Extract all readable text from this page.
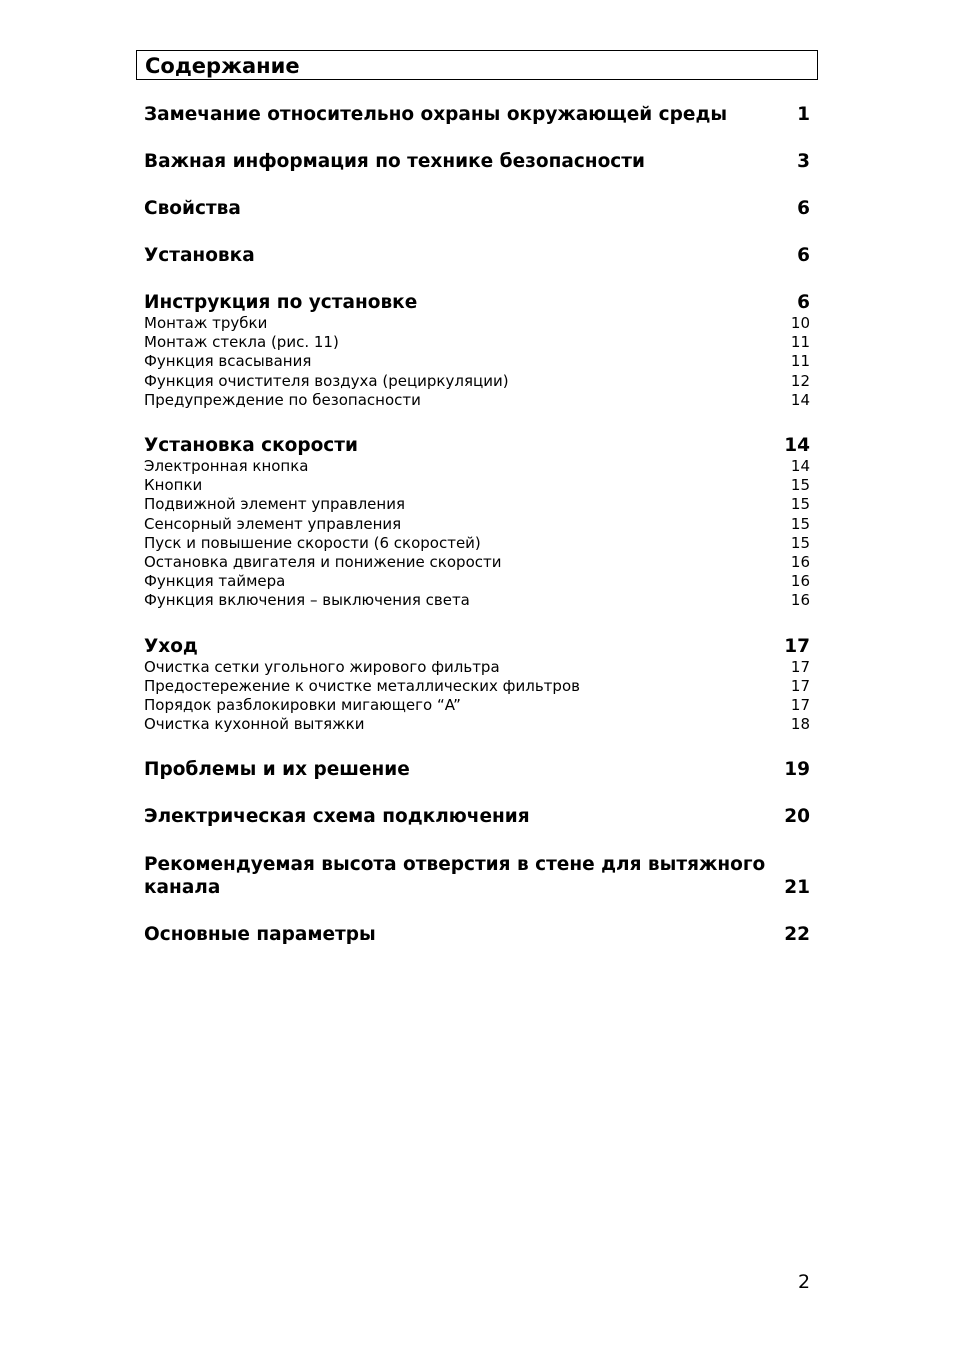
Содержание
Замечание относительно охраны окружающей среды	1
Важная информация по технике безопасности	3
Свойства	6
Установка	6
Инструкция по установке	6
Монтаж трубки	10
Монтаж стекла (рис. 11)	11
Функция всасывания	11
Функция очистителя воздуха (рециркуляции)	12
Предупреждение по безопасности	14
Установка скорости	14
Электронная кнопка	14
Кнопки	15
Подвижной элемент управления	15
Сенсорный элемент управления	15
Пуск и повышение скорости (6 скоростей)	15
Остановка двигателя и понижение скорости	16
Функция таймера	16
Функция включения – выключения света	16
Уход	17
Очистка сетки угольного жирового фильтра	17
Предостережение к очистке металлических фильтров	17
Порядок разблокировки мигающего “A”	17
Очистка кухонной вытяжки	18
Проблемы и их решение	19
Электрическая схема подключения	20
Рекомендуемая высота отверстия в стене для вытяжного
канала	21
Основные параметры	22
2
